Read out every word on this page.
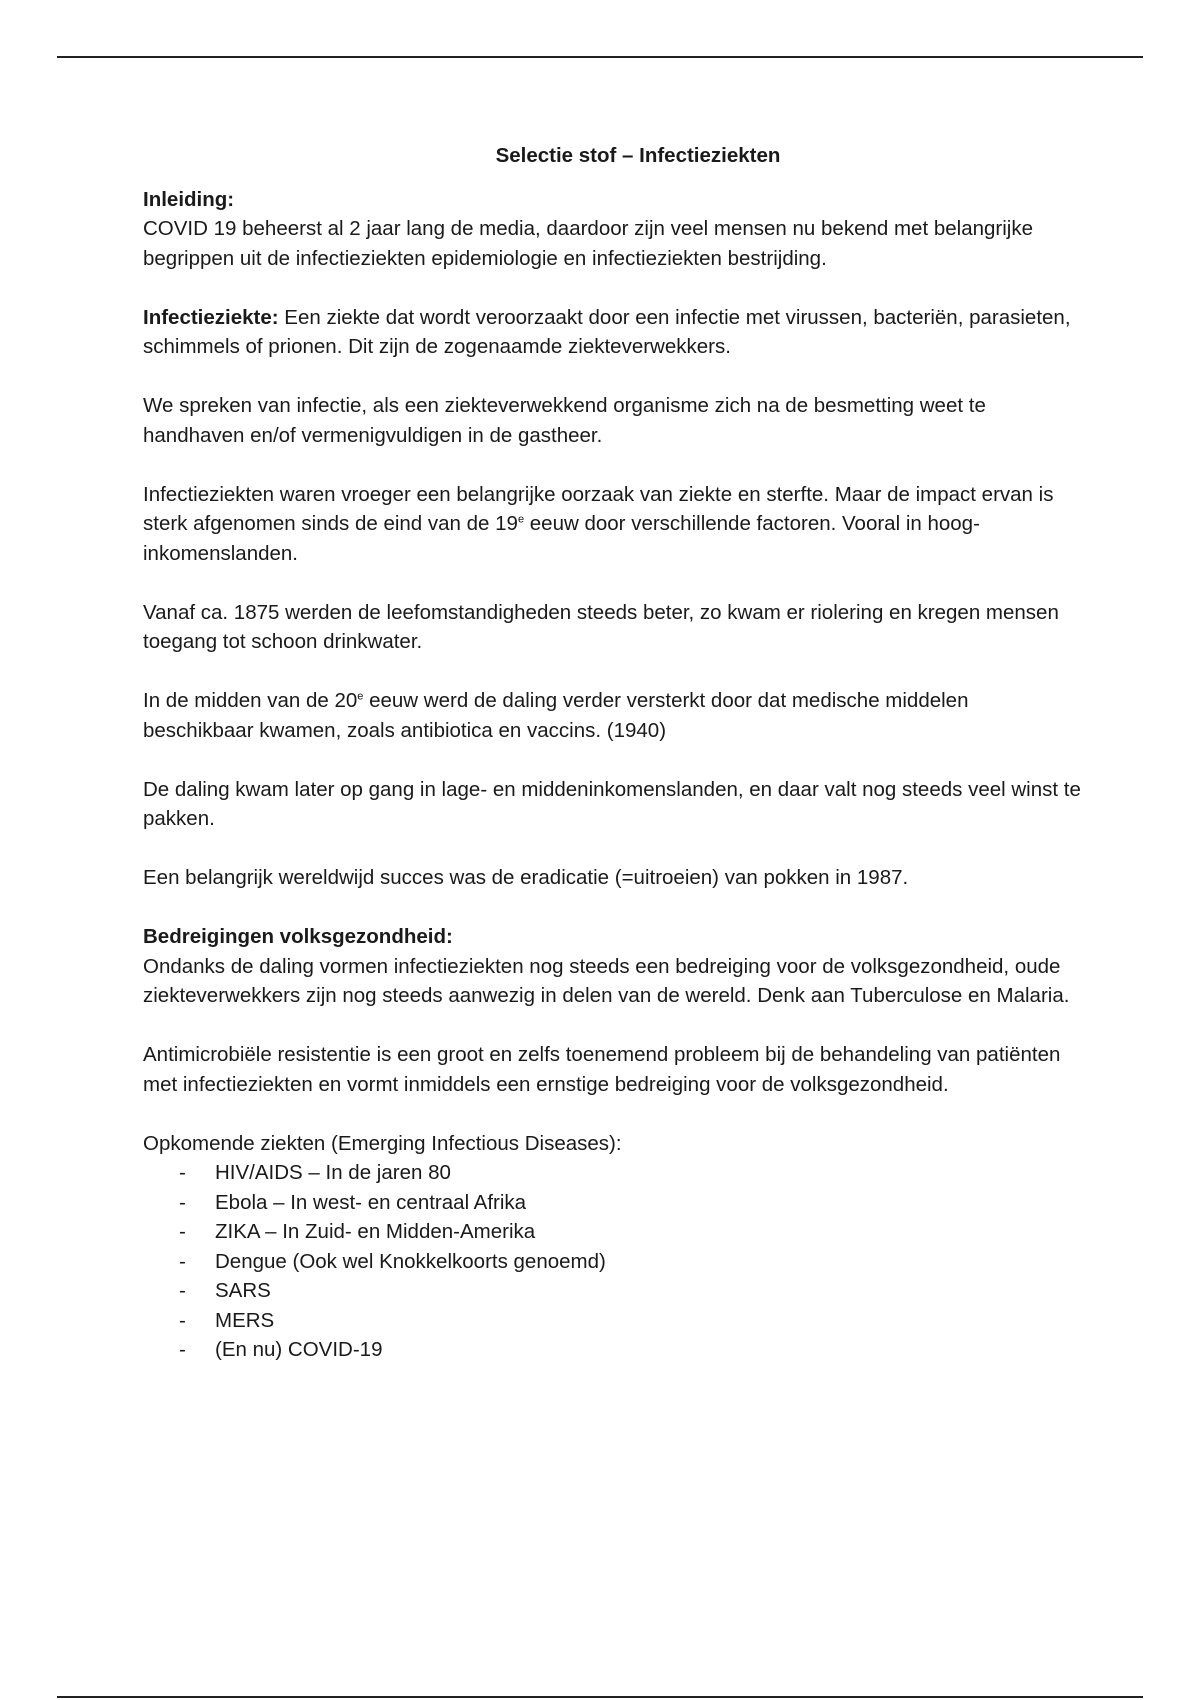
Selectie stof – Infectieziekten
Inleiding:

COVID 19 beheerst al 2 jaar lang de media, daardoor zijn veel mensen nu bekend met belangrijke begrippen uit de infectieziekten epidemiologie en infectieziekten bestrijding.

Infectieziekte: Een ziekte dat wordt veroorzaakt door een infectie met virussen, bacteriën, parasieten, schimmels of prionen. Dit zijn de zogenaamde ziekteverwekkers.

We spreken van infectie, als een ziekteverwekkend organisme zich na de besmetting weet te handhaven en/of vermenigvuldigen in de gastheer.

Infectieziekten waren vroeger een belangrijke oorzaak van ziekte en sterfte. Maar de impact ervan is sterk afgenomen sinds de eind van de 19e eeuw door verschillende factoren. Vooral in hoog-inkomenslanden.

Vanaf ca. 1875 werden de leefomstandigheden steeds beter, zo kwam er riolering en kregen mensen toegang tot schoon drinkwater.

In de midden van de 20e eeuw werd de daling verder versterkt door dat medische middelen beschikbaar kwamen, zoals antibiotica en vaccins. (1940)

De daling kwam later op gang in lage- en middeninkomenslanden, en daar valt nog steeds veel winst te pakken.

Een belangrijk wereldwijd succes was de eradicatie (=uitroeien) van pokken in 1987.

Bedreigingen volksgezondheid:

Ondanks de daling vormen infectieziekten nog steeds een bedreiging voor de volksgezondheid, oude ziekteverwekkers zijn nog steeds aanwezig in delen van de wereld. Denk aan Tuberculose en Malaria.

Antimicrobiële resistentie is een groot en zelfs toenemend probleem bij de behandeling van patiënten met infectieziekten en vormt inmiddels een ernstige bedreiging voor de volksgezondheid.

Opkomende ziekten (Emerging Infectious Diseases):

- HIV/AIDS – In de jaren 80
- Ebola – In west- en centraal Afrika
- ZIKA – In Zuid- en Midden-Amerika
- Dengue (Ook wel Knokkelkoorts genoemd)
- SARS
- MERS
- (En nu) COVID-19
